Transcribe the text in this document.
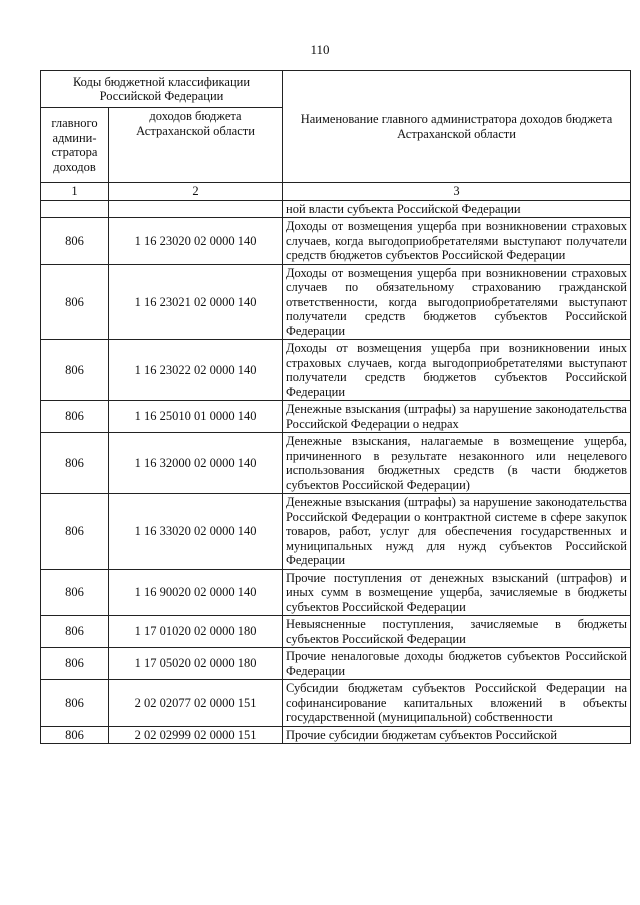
110
Коды бюджетной классификации Российской Федерации		Наименование главного администратора доходов бюджета Астраханской области
главного админи-стратора доходов	доходов бюджета Астраханской области	
1	2	3
		ной власти субъекта Российской Федерации
806	1 16 23020 02 0000 140	Доходы от возмещения ущерба при возникновении страховых случаев, когда выгодоприобретателями выступают получатели средств бюджетов субъектов Российской Федерации
806	1 16 23021 02 0000 140	Доходы от возмещения ущерба при возникновении страховых случаев по обязательному страхованию гражданской ответственности, когда выгодоприобретателями выступают получатели средств бюджетов субъектов Российской Федерации
806	1 16 23022 02 0000 140	Доходы от возмещения ущерба при возникновении иных страховых случаев, когда выгодоприобретателями выступают получатели средств бюджетов субъектов Российской Федерации
806	1 16 25010 01 0000 140	Денежные взыскания (штрафы) за нарушение законодательства Российской Федерации о недрах
806	1 16 32000 02 0000 140	Денежные взыскания, налагаемые в возмещение ущерба, причиненного в результате незаконного или нецелевого использования бюджетных средств (в части бюджетов субъектов Российской Федерации)
806	1 16 33020 02 0000 140	Денежные взыскания (штрафы) за нарушение законодательства Российской Федерации о контрактной системе в сфере закупок товаров, работ, услуг для обеспечения государственных и муниципальных нужд для нужд субъектов Российской Федерации
806	1 16 90020 02 0000 140	Прочие поступления от денежных взысканий (штрафов) и иных сумм в возмещение ущерба, зачисляемые в бюджеты субъектов Российской Федерации
806	1 17 01020 02 0000 180	Невыясненные поступления, зачисляемые в бюджеты субъектов Российской Федерации
806	1 17 05020 02 0000 180	Прочие неналоговые доходы бюджетов субъектов Российской Федерации
806	2 02 02077 02 0000 151	Субсидии бюджетам субъектов Российской Федерации на софинансирование капитальных вложений в объекты государственной (муниципальной) собственности
806	2 02 02999 02 0000 151	Прочие субсидии бюджетам субъектов Российской
